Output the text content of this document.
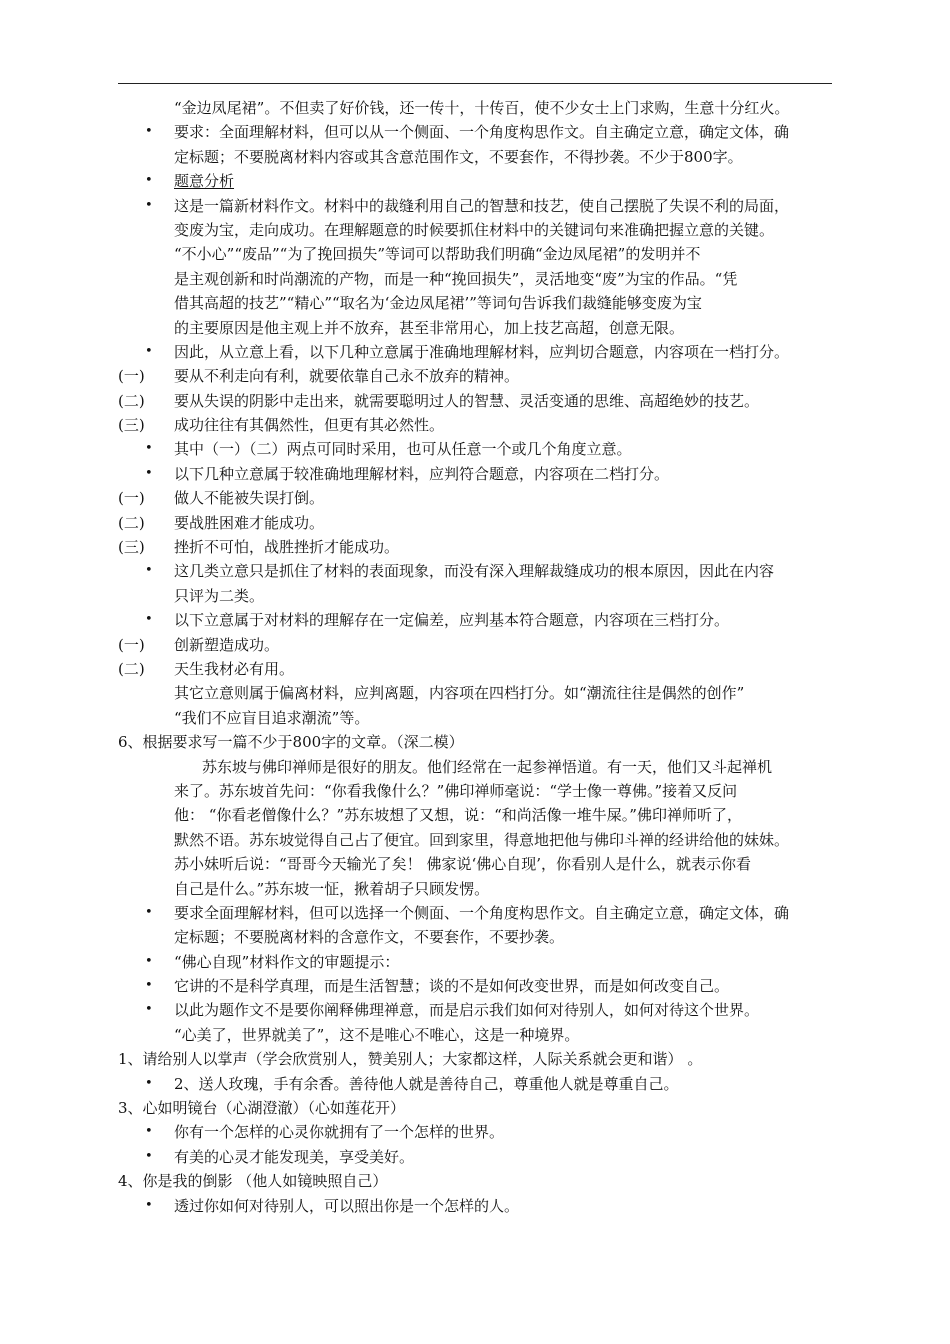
“金边凤尾裙”。不但卖了好价钱，还一传十，十传百，使不少女士上门求购，生意十分红火。
• 要求：全面理解材料，但可以从一个侧面、一个角度构思作文。自主确定立意，确定文体，确
定标题；不要脱离材料内容或其含意范围作文，不要套作，不得抄袭。不少于800字。
• 题意分析
• 这是一篇新材料作文。材料中的裁缝利用自己的智慧和技艺，使自己摆脱了失误不利的局面，
变废为宝，走向成功。在理解题意的时候要抓住材料中的关键词句来准确把握立意的关键。
“不小心”“废品”“为了挽回损失”等词可以帮助我们明确“金边凤尾裙”的发明并不
是主观创新和时尚潮流的产物，而是一种“挽回损失”，灵活地变“废”为宝的作品。“凭
借其高超的技艺”“精心”“取名为‘金边凤尾裙’”等词句告诉我们裁缝能够变废为宝
的主要原因是他主观上并不放弃，甚至非常用心，加上技艺高超，创意无限。
• 因此，从立意上看，以下几种立意属于准确地理解材料，应判切合题意，内容项在一档打分。
(一)	要从不利走向有利，就要依靠自己永不放弃的精神。
(二)	要从失误的阴影中走出来，就需要聪明过人的智慧、灵活变通的思维、高超绝妙的技艺。
(三)	成功往往有其偶然性，但更有其必然性。
• 其中（一）（二）两点可同时采用，也可从任意一个或几个角度立意。
• 以下几种立意属于较准确地理解材料，应判符合题意，内容项在二档打分。
(一)	做人不能被失误打倒。
(二)	要战胜困难才能成功。
(三)	挫折不可怕，战胜挫折才能成功。
• 这几类立意只是抓住了材料的表面现象，而没有深入理解裁缝成功的根本原因，因此在内容
只评为二类。
• 以下立意属于对材料的理解存在一定偏差，应判基本符合题意，内容项在三档打分。
(一)	创新塑造成功。
(二)	天生我材必有用。
其它立意则属于偏离材料，应判离题，内容项在四档打分。如“潮流往往是偶然的创作”
“我们不应盲目追求潮流”等。
6、根据要求写一篇不少于800字的文章。（深二模）
苏东坡与佛印禅师是很好的朋友。他们经常在一起参禅悟道。有一天，他们又斗起禅机
来了。苏东坡首先问：“你看我像什么？”佛印禅师毫说：“学士像一尊佛。”接着又反问
他： “你看老僧像什么？”苏东坡想了又想，说：“和尚活像一堆牛屎。”佛印禅师听了，
默然不语。苏东坡觉得自己占了便宜。回到家里，得意地把他与佛印斗禅的经讲给他的妹妹。
苏小妹听后说：“哥哥今天输光了矣！ 佛家说‘佛心自现’，你看别人是什么，就表示你看
自己是什么。”苏东坡一怔，揪着胡子只顾发愣。
• 要求全面理解材料，但可以选择一个侧面、一个角度构思作文。自主确定立意，确定文体，确
定标题；不要脱离材料的含意作文，不要套作，不要抄袭。
• “佛心自现”材料作文的审题提示：
• 它讲的不是科学真理，而是生活智慧；谈的不是如何改变世界，而是如何改变自己。
• 以此为题作文不是要你阐释佛理禅意，而是启示我们如何对待别人，如何对待这个世界。
“心美了，世界就美了”，这不是唯心不唯心，这是一种境界。
1、请给别人以掌声（学会欣赏别人，赞美别人；大家都这样，人际关系就会更和谐） 。
• 2、送人玫瑰，手有余香。善待他人就是善待自己，尊重他人就是尊重自己。
3、心如明镜台（心湖澄澈）（心如莲花开）
• 你有一个怎样的心灵你就拥有了一个怎样的世界。
• 有美的心灵才能发现美，享受美好。
4、你是我的倒影 （他人如镜映照自己）
• 透过你如何对待别人，可以照出你是一个怎样的人。
